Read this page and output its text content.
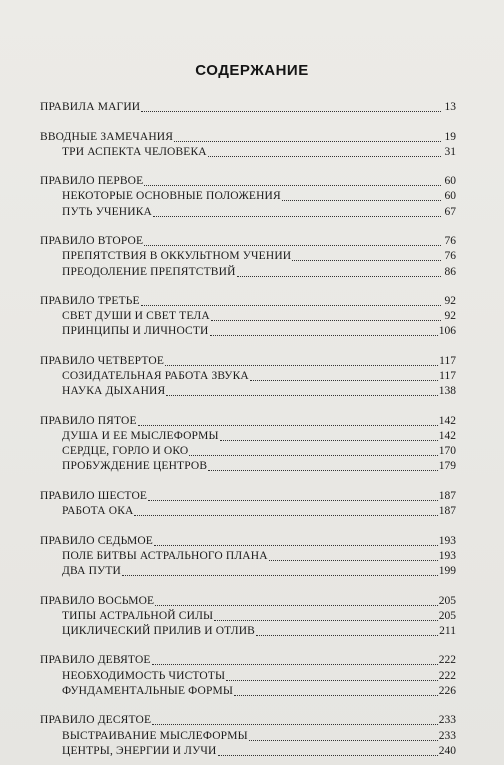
СОДЕРЖАНИЕ
ПРАВИЛА МАГИИ	13
ВВОДНЫЕ ЗАМЕЧАНИЯ	19
ТРИ АСПЕКТА ЧЕЛОВЕКА	31
ПРАВИЛО ПЕРВОЕ	60
НЕКОТОРЫЕ ОСНОВНЫЕ ПОЛОЖЕНИЯ	60
ПУТЬ УЧЕНИКА	67
ПРАВИЛО ВТОРОЕ	76
ПРЕПЯТСТВИЯ В ОККУЛЬТНОМ УЧЕНИИ	76
ПРЕОДОЛЕНИЕ ПРЕПЯТСТВИЙ	86
ПРАВИЛО ТРЕТЬЕ	92
СВЕТ ДУШИ И СВЕТ ТЕЛА	92
ПРИНЦИПЫ И ЛИЧНОСТИ	106
ПРАВИЛО ЧЕТВЕРТОЕ	117
СОЗИДАТЕЛЬНАЯ РАБОТА ЗВУКА	117
НАУКА ДЫХАНИЯ	138
ПРАВИЛО ПЯТОЕ	142
ДУША И ЕЕ МЫСЛЕФОРМЫ	142
СЕРДЦЕ, ГОРЛО И ОКО	170
ПРОБУЖДЕНИЕ ЦЕНТРОВ	179
ПРАВИЛО ШЕСТОЕ	187
РАБОТА ОКА	187
ПРАВИЛО СЕДЬМОЕ	193
ПОЛЕ БИТВЫ АСТРАЛЬНОГО ПЛАНА	193
ДВА ПУТИ	199
ПРАВИЛО ВОСЬМОЕ	205
ТИПЫ АСТРАЛЬНОЙ СИЛЫ	205
ЦИКЛИЧЕСКИЙ ПРИЛИВ И ОТЛИВ	211
ПРАВИЛО ДЕВЯТОЕ	222
НЕОБХОДИМОСТЬ ЧИСТОТЫ	222
ФУНДАМЕНТАЛЬНЫЕ ФОРМЫ	226
ПРАВИЛО ДЕСЯТОЕ	233
ВЫСТРАИВАНИЕ МЫСЛЕФОРМЫ	233
ЦЕНТРЫ, ЭНЕРГИИ И ЛУЧИ	240
